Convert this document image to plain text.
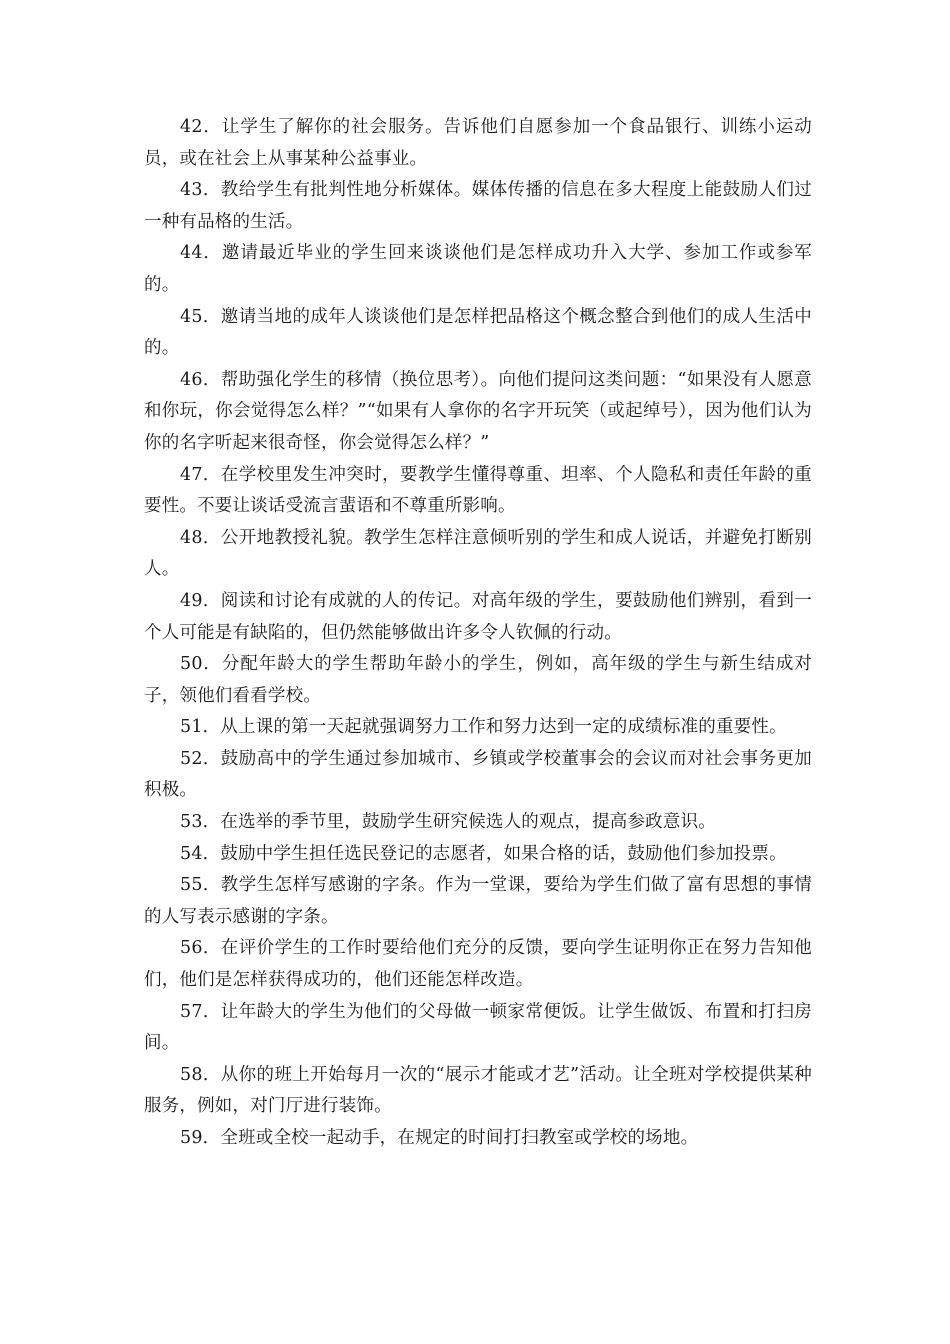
42．让学生了解你的社会服务。告诉他们自愿参加一个食品银行、训练小运动员，或在社会上从事某种公益事业。

43．教给学生有批判性地分析媒体。媒体传播的信息在多大程度上能鼓励人们过一种有品格的生活。

44．邀请最近毕业的学生回来谈谈他们是怎样成功升入大学、参加工作或参军的。

45．邀请当地的成年人谈谈他们是怎样把品格这个概念整合到他们的成人生活中的。

46．帮助强化学生的移情（换位思考）。向他们提问这类问题：“如果没有人愿意和你玩，你会觉得怎么样？”“如果有人拿你的名字开玩笑（或起绰号），因为他们认为你的名字听起来很奇怪，你会觉得怎么样？”

47．在学校里发生冲突时，要教学生懂得尊重、坦率、个人隐私和责任年龄的重要性。不要让谈话受流言蜚语和不尊重所影响。

48．公开地教授礼貌。教学生怎样注意倾听别的学生和成人说话，并避免打断别人。

49．阅读和讨论有成就的人的传记。对高年级的学生，要鼓励他们辨别，看到一个人可能是有缺陷的，但仍然能够做出许多令人钦佩的行动。

50．分配年龄大的学生帮助年龄小的学生，例如，高年级的学生与新生结成对子，领他们看看学校。

51．从上课的第一天起就强调努力工作和努力达到一定的成绩标准的重要性。

52．鼓励高中的学生通过参加城市、乡镇或学校董事会的会议而对社会事务更加积极。

53．在选举的季节里，鼓励学生研究候选人的观点，提高参政意识。

54．鼓励中学生担任选民登记的志愿者，如果合格的话，鼓励他们参加投票。

55．教学生怎样写感谢的字条。作为一堂课，要给为学生们做了富有思想的事情的人写表示感谢的字条。

56．在评价学生的工作时要给他们充分的反馈，要向学生证明你正在努力告知他们，他们是怎样获得成功的，他们还能怎样改造。

57．让年龄大的学生为他们的父母做一顿家常便饭。让学生做饭、布置和打扫房间。

58．从你的班上开始每月一次的“展示才能或才艺”活动。让全班对学校提供某种服务，例如，对门厅进行装饰。

59．全班或全校一起动手，在规定的时间打扫教室或学校的场地。
